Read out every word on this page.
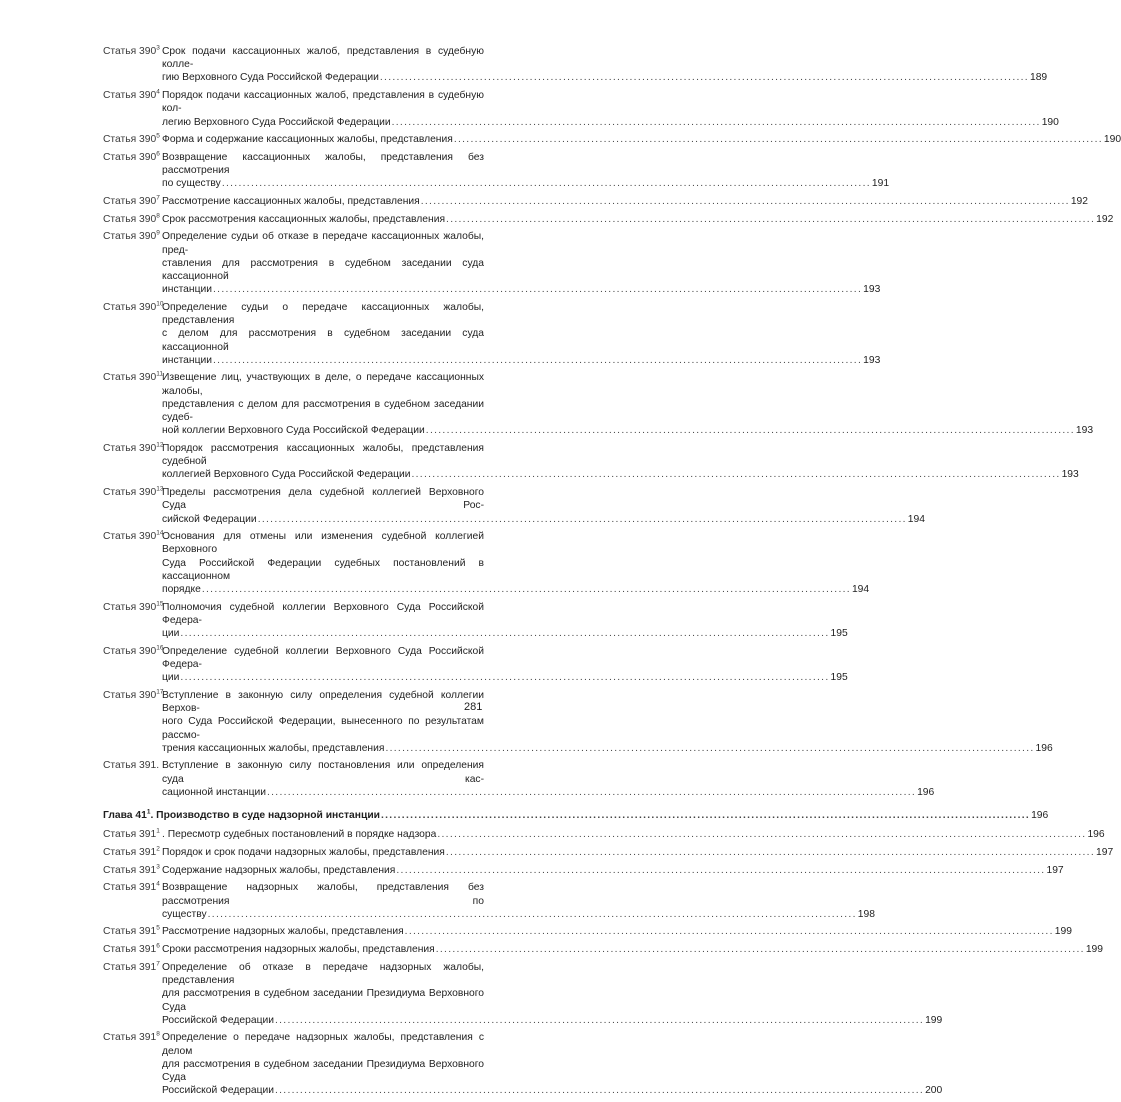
Статья $390^3$ Срок подачи кассационных жалоб, представления в судебную колле-
гию Верховного Суда Российской Федерации .....	189
Статья $390^4$ Порядок подачи кассационных жалоб, представления в судебную кол-
легию Верховного Суда Российской Федерации .....	190
Статья $390^5$ Форма и содержание кассационных жалобы, представления .....	190
Статья $390^6$ Возвращение кассационных жалобы, представления без рассмотрения
по существу .....	191
Статья $390^7$ Рассмотрение кассационных жалобы, представления .....	192
Статья $390^8$ Срок рассмотрения кассационных жалобы, представления .....	192
Статья $390^9$ Определение судьи об отказе в передаче кассационных жалобы, пред-
ставления для рассмотрения в судебном заседании суда кассационной
инстанции .....	193
Статья $390^{10}$
Определение судьи о передаче кассационных жалобы, представления
с делом для рассмотрения в судебном заседании суда кассационной
инстанции .....	193
Статья $390^{11}$ Извещение лиц, участвующих в деле, о передаче кассационных жалобы,
представления с делом для рассмотрения в судебном заседании судеб-
ной коллегии Верховного Суда Российской Федерации .....	193
Статья $390^{12}$
Порядок рассмотрения кассационных жалобы, представления судебной
коллегией Верховного Суда Российской Федерации .....	193
Статья $390^{13}$
Пределы рассмотрения дела судебной коллегией Верховного Суда Рос-
сийской Федерации .....	194
Статья $390^{14}$
Основания для отмены или изменения судебной коллегией Верховного
Суда Российской Федерации судебных постановлений в кассационном
порядке .....	194
Статья $390^{15}$
Полномочия судебной коллегии Верховного Суда Российской Федера-
ции .....	195
Статья $390^{16}$
Определение судебной коллегии Верховного Суда Российской Федера-
ции .....	195
Статья $390^{17}$
Вступление в законную силу определения судебной коллегии Верхов-
ного Суда Российской Федерации, вынесенного по результатам рассмо-
трения кассационных жалобы, представления .....	196
Статья 391. Вступление в законную силу постановления или определения суда кас-
сационной инстанции .....	196
Глава $41^1$. Производство в суде надзорной инстанции .....	196
Статья $391^1$ . Пересмотр судебных постановлений в порядке надзора .....	196
Статья $391^2$ Порядок и срок подачи надзорных жалобы, представления .....	197
Статья $391^3$ Содержание надзорных жалобы, представления .....	197
Статья $391^4$ Возвращение надзорных жалобы, представления без рассмотрения по
существу .....	198
Статья $391^5$ Рассмотрение надзорных жалобы, представления .....	199
Статья $391^6$ Сроки рассмотрения надзорных жалобы, представления .....	199
Статья $391^7$ Определение об отказе в передаче надзорных жалобы, представления
для рассмотрения в судебном заседании Президиума Верховного Суда
Российской Федерации .....	199
Статья $391^8$ Определение о передаче надзорных жалобы, представления с делом
для рассмотрения в судебном заседании Президиума Верховного Суда
Российской Федерации .....	200
281
